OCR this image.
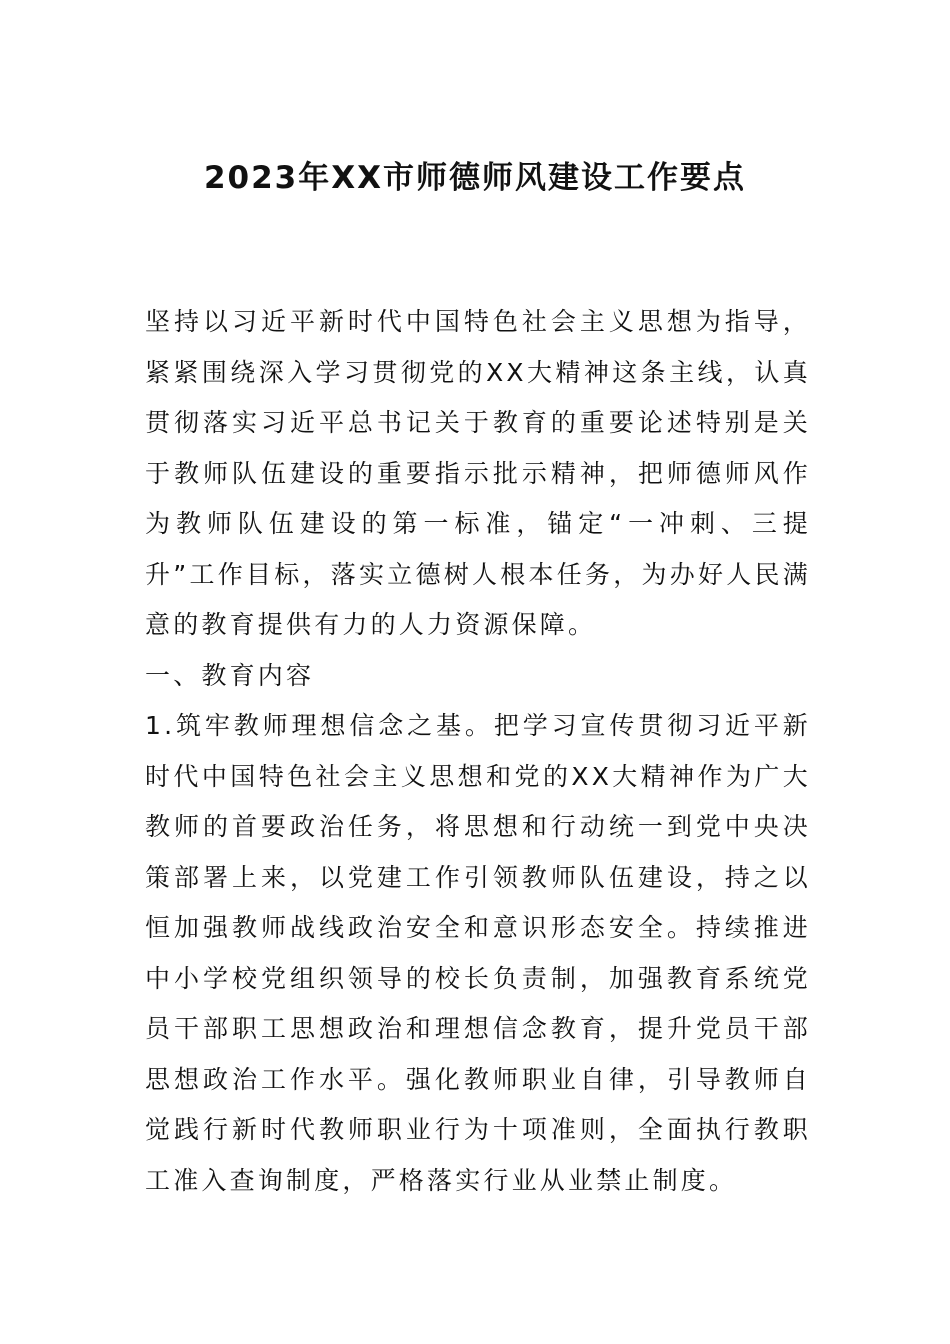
2023年XX市师德师风建设工作要点

坚持以习近平新时代中国特色社会主义思想为指导，紧紧围绕深入学习贯彻党的XX大精神这条主线，认真贯彻落实习近平总书记关于教育的重要论述特别是关于教师队伍建设的重要指示批示精神，把师德师风作为教师队伍建设的第一标准，锚定“一冲刺、三提升”工作目标，落实立德树人根本任务，为办好人民满意的教育提供有力的人力资源保障。

一、教育内容

1.筑牢教师理想信念之基。把学习宣传贯彻习近平新时代中国特色社会主义思想和党的XX大精神作为广大教师的首要政治任务，将思想和行动统一到党中央决策部署上来，以党建工作引领教师队伍建设，持之以恒加强教师战线政治安全和意识形态安全。持续推进中小学校党组织领导的校长负责制，加强教育系统党员干部职工思想政治和理想信念教育，提升党员干部思想政治工作水平。强化教师职业自律，引导教师自觉践行新时代教师职业行为十项准则，全面执行教职工准入查询制度，严格落实行业从业禁止制度。
